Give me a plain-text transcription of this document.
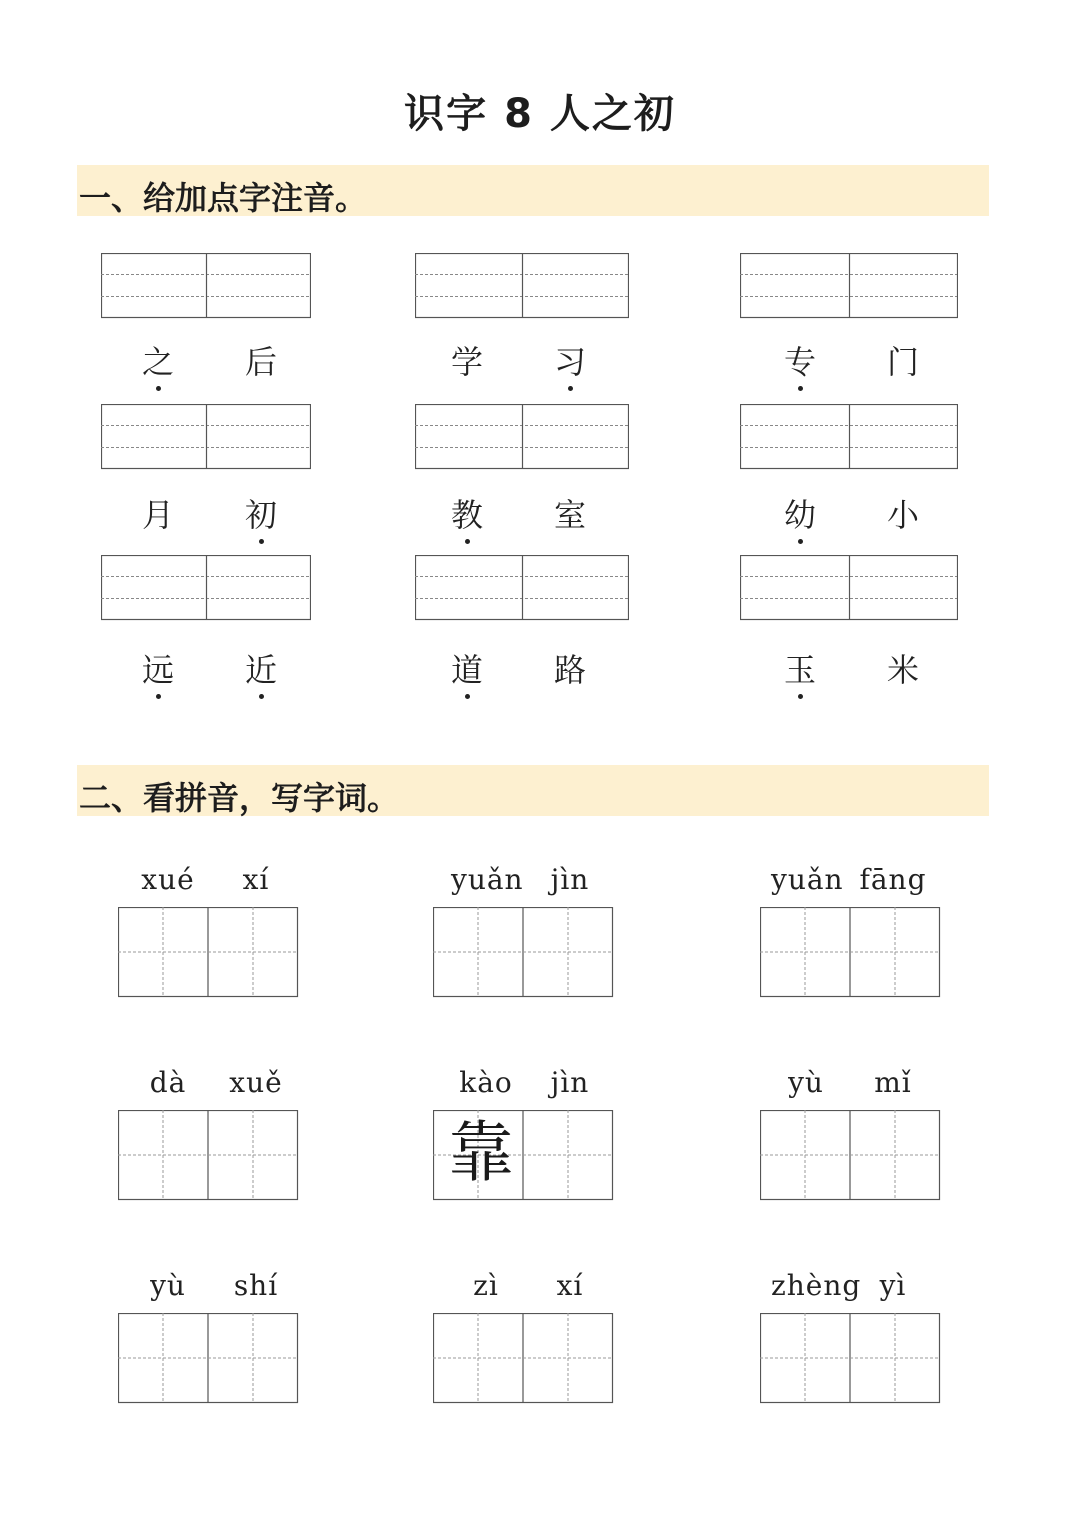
识字 8 人之初
一、给加点字注音。
二、看拼音，写字词。
之	后	学	习	专	门
月	初	教	室	幼	小
远	近	道	路	玉	米
xué	xí	yuǎn jìn	yuǎn fāng
dà	xuě	kào	jìn
靠
yù	mǐ
yù	shí	zì	xí	zhèng yì
